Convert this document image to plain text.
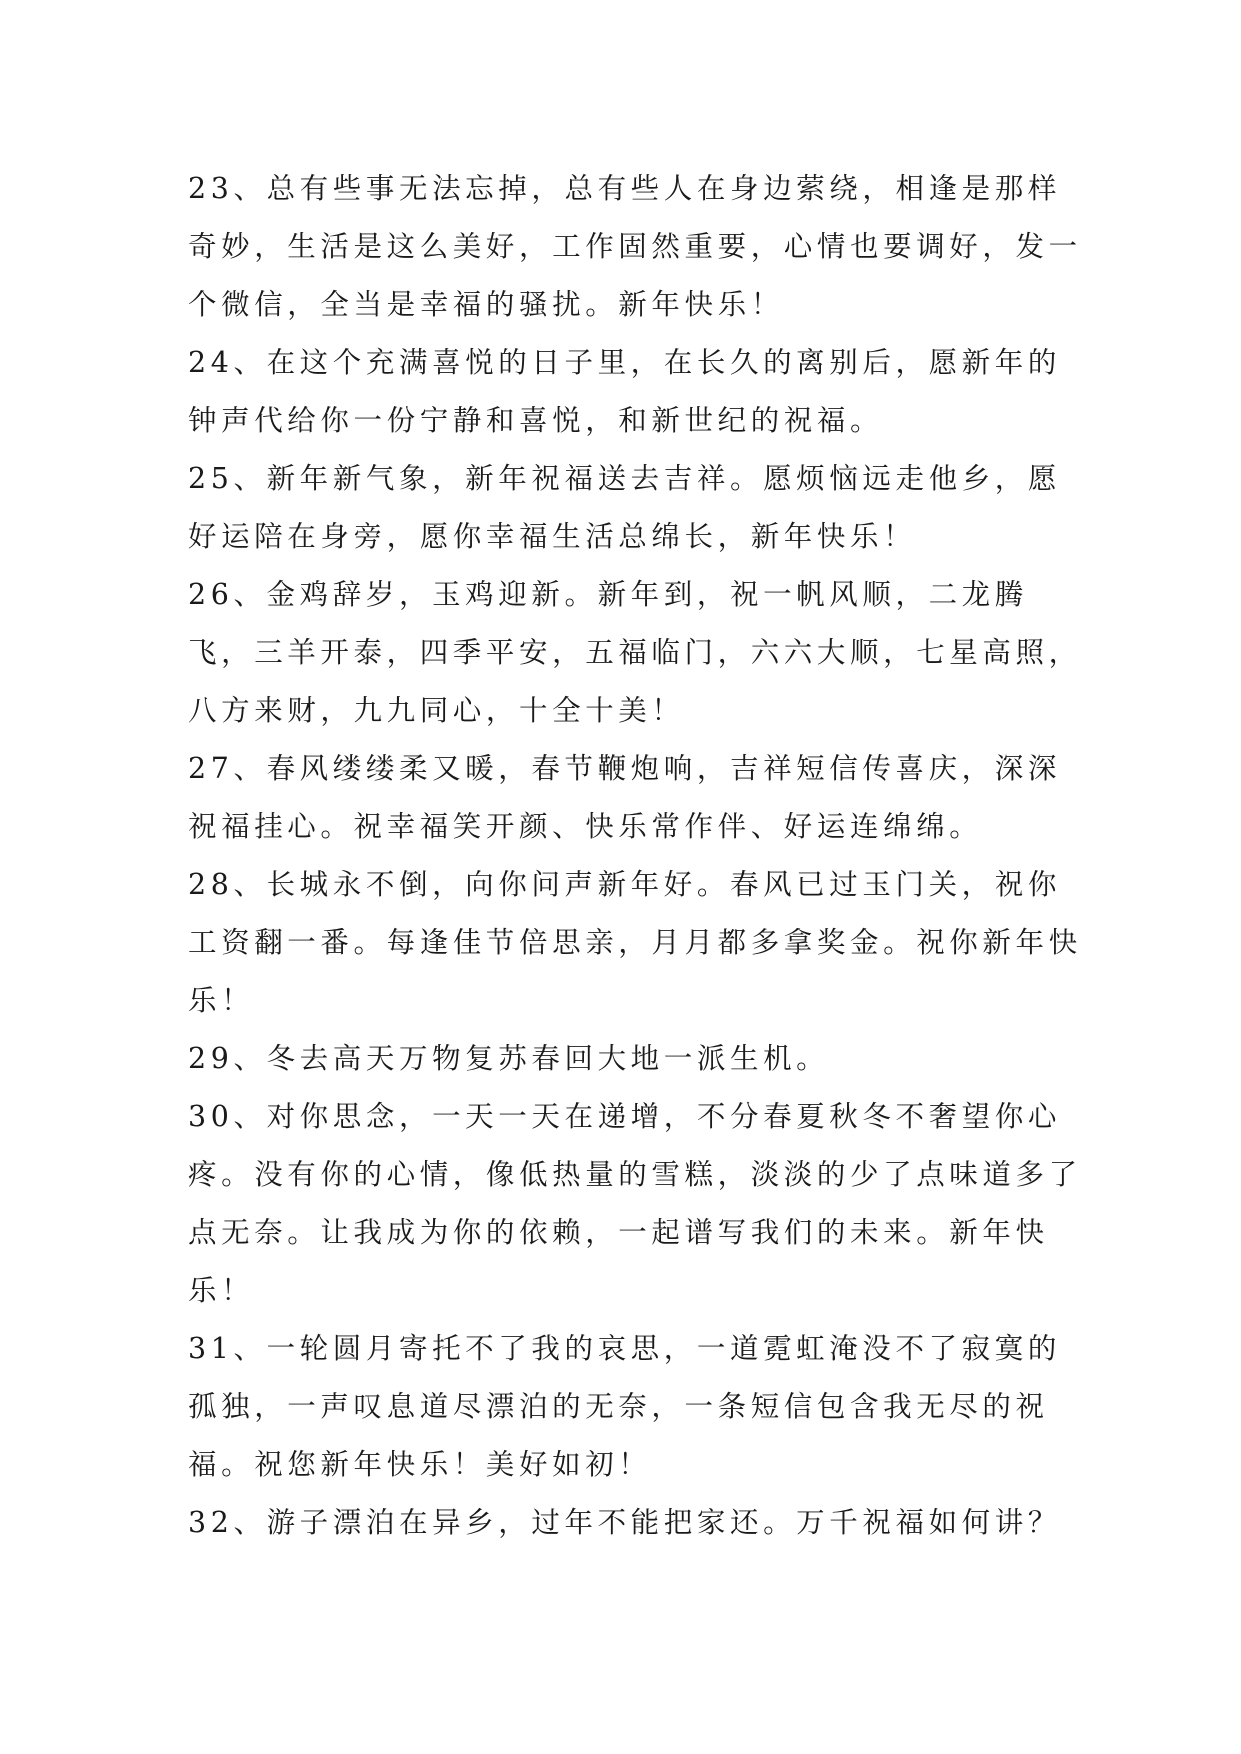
23、总有些事无法忘掉，总有些人在身边萦绕，相逢是那样奇妙，生活是这么美好，工作固然重要，心情也要调好，发一个微信，全当是幸福的骚扰。新年快乐！

24、在这个充满喜悦的日子里，在长久的离别后，愿新年的钟声代给你一份宁静和喜悦，和新世纪的祝福。

25、新年新气象，新年祝福送去吉祥。愿烦恼远走他乡，愿好运陪在身旁，愿你幸福生活总绵长，新年快乐！

26、金鸡辞岁，玉鸡迎新。新年到，祝一帆风顺，二龙腾飞，三羊开泰，四季平安，五福临门，六六大顺，七星高照，八方来财，九九同心，十全十美！

27、春风缕缕柔又暖，春节鞭炮响，吉祥短信传喜庆，深深祝福挂心。祝幸福笑开颜、快乐常作伴、好运连绵绵。

28、长城永不倒，向你问声新年好。春风已过玉门关，祝你工资翻一番。每逢佳节倍思亲，月月都多拿奖金。祝你新年快乐！

29、冬去高天万物复苏春回大地一派生机。

30、对你思念，一天一天在递增，不分春夏秋冬不奢望你心疼。没有你的心情，像低热量的雪糕，淡淡的少了点味道多了点无奈。让我成为你的依赖，一起谱写我们的未来。新年快乐！

31、一轮圆月寄托不了我的哀思，一道霓虹淹没不了寂寞的孤独，一声叹息道尽漂泊的无奈，一条短信包含我无尽的祝福。祝您新年快乐！美好如初！

32、游子漂泊在异乡，过年不能把家还。万千祝福如何讲？
